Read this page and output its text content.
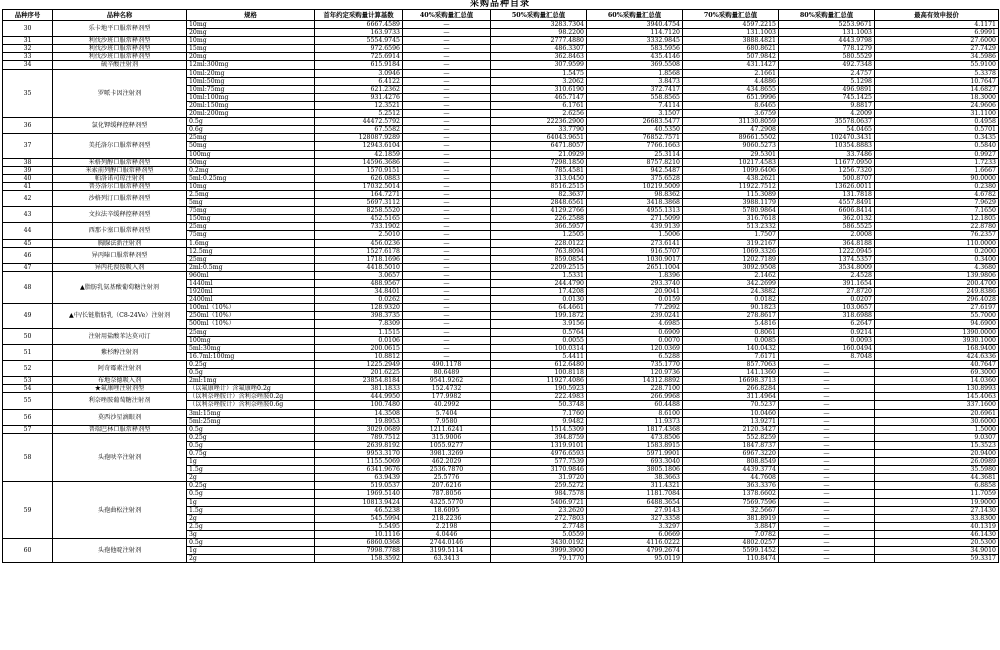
采购品种目录
品种序号	品种名称	规格	首年约定采购量计算基数	40%采购量汇总值	50%采购量汇总值	60%采购量汇总值	70%采购量汇总值	80%采购量汇总值	最高有效申报价
30	乐卡地平口服常释剂型	10mg	6667.4589	—	3283.7304	3940.4754	4597.2215	5253.9671	4.1171
		20mg	163.9733	—	98.2200	114.7120	131.1003	131.1003	6.9991
31	利伐沙班口服常释剂型	10mg	5554.9745	—	2777.4880	3332.9845	3888.4821	4443.9798	27.6000
32	利伐沙班口服常释剂型	15mg	972.6596	—	486.3307	583.5956	680.8621	778.1279	27.7429
33	利伐沙班口服常释剂型	20mg	725.6914	—	362.8463	435.4146	507.9842	580.5529	34.5986
34	硫辛酸注射剂	12ml:300mg	615.9184	—	307.9599	369.5508	431.1427	492.7348	55.9100
35	罗哌卡因注射剂	10ml:20mg	3.0946	—	1.5475	1.8568	2.1661	2.4757	5.3378
		10ml:50mg	6.4122	—	3.2062	3.8473	4.4886	5.1298	10.7647
		10ml:75mg	621.2362	—	310.6190	372.7417	434.8655	496.9891	14.6827
		10ml:100mg	931.4276	—	465.7147	558.8565	651.9996	745.1425	18.3000
		20ml:150mg	12.3521	—	6.1761	7.4114	8.6465	9.8817	24.9606
		20ml:200mg	5.2512	—	2.6256	3.1507	3.6759	4.2009	31.1100
36	氯化钾缓释控释剂型	0.5g	44472.5792	—	22236.2900	26683.5477	31130.8059	35578.0637	0.4958
		0.6g	67.5582	—	33.7790	40.5350	47.2908	54.0465	0.5701
37	美托洛尔口服常释剂型	25mg	128087.9289	—	64043.9651	76852.7571	89661.5502	102470.3431	0.3435
		50mg	12943.6104	—	6471.8057	7766.1663	9060.5273	10354.8883	0.5840
		100mg	42.1859	—	21.0929	25.3114	29.5301	33.7486	0.9927
38	米格列醇口服常释剂型	50mg	14596.3686	—	7298.1850	8757.8210	10217.4583	11677.0950	1.7233
39	米索前列醇口服常释剂型	0.2mg	1570.9151	—	785.4581	942.5487	1099.6406	1256.7320	1.6667
40	帕洛诺司琼注射剂	5ml:0.25mg	626.0883	—	313.0450	375.6528	438.2621	500.8707	90.0000
41	普芬洛尔口服常释剂型	10mg	17032.5014	—	8516.2515	10219.5009	11922.7512	13626.0011	0.2380
42	沙格列汀口服常释剂型	2.5mg	164.7271	—	82.3637	98.8362	115.3089	131.7818	4.6782
		5mg	5697.3112	—	2848.6561	3418.3868	3988.1179	4557.8491	7.9629
43	文拉法辛缓释控释剂型	75mg	8258.5520	—	4129.2766	4955.1313	5780.9864	6606.8414	7.1650
		150mg	452.5165	—	226.2588	271.5099	316.7618	362.0132	12.1805
44	西那卡塞口服常释剂型	25mg	733.1902	—	366.5957	439.9139	513.2332	586.5525	22.8780
		75mg	2.5010	—	1.2505	1.5006	1.7507	2.0008	76.2357
45	胸腺法新注射剂	1.6mg	456.0236	—	228.0122	273.6141	319.2167	364.8188	110.0000
46	异丙嗪口服常释剂型	12.5mg	1527.6178	—	763.8094	916.5707	1069.3326	1222.0945	0.2000
		25mg	1718.1696	—	859.0854	1030.9017	1202.7189	1374.5357	0.3400
47	异丙托溴铵吸入剂	2ml:0.5mg	4418.5010	—	2209.2515	2651.1004	3092.9508	3534.8009	4.3680
48	▲脂肪乳氨基酸葡萄糖注射剂	960ml	3.0657	—	1.5331	1.8396	2.1462	2.4528	139.9806
		1440ml	488.9567	—	244.4790	293.3740	342.2699	391.1654	200.4700
		1920ml	34.8401	—	17.4208	20.9041	24.3882	27.8720	249.8386
		2400ml	0.0262	—	0.0130	0.0159	0.0182	0.0207	296.4028
49	▲中/长链脂肪乳（C8-24Ve）注射剂	100ml（10%）	128.9320	—	64.4661	77.2992	90.1823	103.0657	27.6197
		250ml（10%）	398.3735	—	199.1872	239.0241	278.8617	318.6988	55.7000
		500ml（10%）	7.8309	—	3.9156	4.6985	5.4816	6.2647	94.6900
50	注射用盐酸苯达莫司汀	25mg	1.1515	—	0.5764	0.6909	0.8061	0.9214	1390.0000
		100mg	0.0106	—	0.0055	0.0070	0.0085	0.0093	3930.1000
51	紫杉醇注射剂	5ml:30mg	200.0615	—	100.0314	120.0369	140.0432	160.0494	168.9400
		16.7ml:100mg	10.8812	—	5.4411	6.5288	7.6171	8.7048	424.6336
52	阿奇霉素注射剂	0.25g	1225.2949	490.1178	612.6480	735.1770	857.7063	—	40.7647
		0.5g	201.6225	80.6489	100.8118	120.9736	141.1360	—	69.3000
53	布地奈德吸入剂	2ml:1mg	23854.8184	9541.9262	11927.4086	14312.8892	16698.3713	—	14.0360
54	★氟康唑注射剂型	（以氟康唑计）含氟康唑0.2g	381.1833	152.4732	190.5923	228.7100	266.8284	—	130.8993
55	利奈唑胺葡萄糖注射剂	（以利奈唑胺计）含利奈唑胺0.2g	444.9950	177.9982	222.4983	266.9968	311.4964	—	145.4063
		（以利奈唑胺计）含利奈唑胺0.6g	100.7480	40.2992	50.3748	60.4488	70.5237	—	337.1600
56	莫西沙星滴眼剂	3ml:15mg	14.3508	5.7404	7.1760	8.6100	10.0460	—	20.6961
		5ml:25mg	19.8953	7.9580	9.9482	11.9373	13.9271	—	30.6000
57	普瑞巴林口服常释剂型	0.5g	3029.0689	1211.6241	1514.5309	1817.4368	2120.3427	—	1.5000
58	头孢呋辛注射剂	0.25g	789.7512	315.9006	394.8759	473.8506	552.8259	—	9.0307
		0.5g	2639.8192	1055.9277	1319.9101	1583.8915	1847.8737	—	15.3523
		0.75g	9953.3170	3981.3269	4976.6593	5971.9901	6967.3220	—	20.9400
		1g	1155.5069	462.2029	577.7539	693.3040	808.8549	—	26.0989
		1.5g	6341.9676	2536.7870	3170.9846	3805.1806	4439.3774	—	35.5980
		2g	63.9439	25.5776	31.9720	38.3663	44.7608	—	44.3681
59	头孢曲松注射剂	0.25g	519.0537	207.6216	259.5272	311.4321	363.3376	—	6.8858
		0.5g	1969.5140	787.8056	984.7578	1181.7084	1378.6602	—	11.7059
		1g	10813.9424	4325.5770	5406.9721	6488.3654	7569.7596	—	19.9000
		1.5g	46.5238	18.6095	23.2620	27.9143	32.5667	—	27.1430
		2g	545.5994	218.2236	272.7803	327.3358	381.8919	—	33.8300
		2.5g	5.5495	2.2198	2.7748	3.3297	3.8847	—	40.1319
		3g	10.1116	4.0446	5.0559	6.0669	7.0782	—	46.1430
60	头孢他啶注射剂	0.5g	6860.0368	2744.0146	3430.0192	4116.0222	4802.0257	—	20.5300
		1g	7998.7788	3199.5114	3999.3900	4799.2674	5599.1452	—	34.9010
		2g	158.3592	63.3413	79.1770	95.0119	110.8474	—	59.3317
